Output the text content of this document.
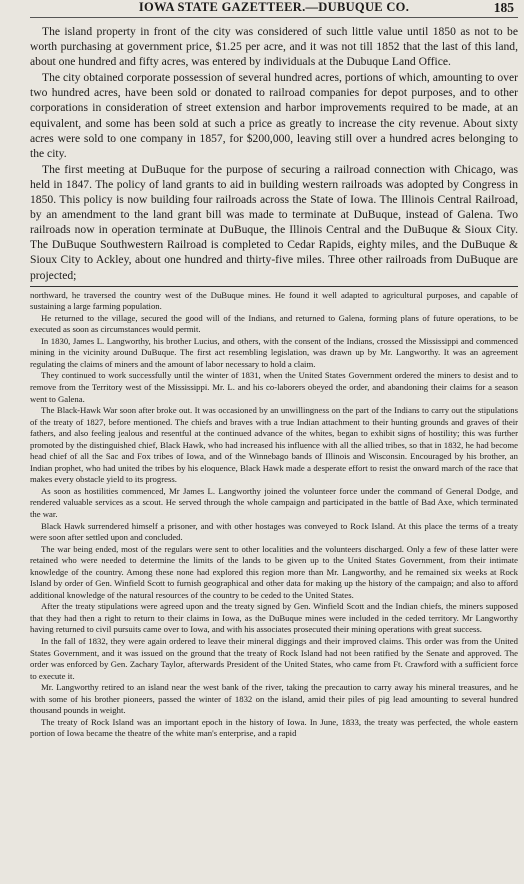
IOWA STATE GAZETTEER.—DUBUQUE CO.	185

The island property in front of the city was considered of such little value until 1850 as not to be worth purchasing at government price, $1.25 per acre, and it was not till 1852 that the last of this land, about one hundred and fifty acres, was entered by individuals at the Dubuque Land Office.

The city obtained corporate possession of several hundred acres, portions of which, amounting to over two hundred acres, have been sold or donated to railroad companies for depot purposes, and to other corporations in consideration of street extension and harbor improvements required to be made, at an equivalent, and some has been sold at such a price as greatly to increase the city revenue. About sixty acres were sold to one company in 1857, for $200,000, leaving still over a hundred acres belonging to the city.

The first meeting at DuBuque for the purpose of securing a railroad connection with Chicago, was held in 1847. The policy of land grants to aid in building western railroads was adopted by Congress in 1850. This policy is now building four railroads across the State of Iowa. The Illinois Central Railroad, by an amendment to the land grant bill was made to terminate at DuBuque, instead of Galena. Two railroads now in operation terminate at DuBuque, the Illinois Central and the DuBuque & Sioux City. The DuBuque Southwestern Railroad is completed to Cedar Rapids, eighty miles, and the DuBuque & Sioux City to Ackley, about one hundred and thirty-five miles. Three other railroads from DuBuque are projected;

northward, he traversed the country west of the DuBuque mines. He found it well adapted to agricultural purposes, and capable of sustaining a large farming population.

He returned to the village, secured the good will of the Indians, and returned to Galena, forming plans of future operations, to be executed as soon as circumstances would permit.

In 1830, James L. Langworthy, his brother Lucius, and others, with the consent of the Indians, crossed the Mississippi and commenced mining in the vicinity around DuBuque. The first act resembling legislation, was drawn up by Mr. Langworthy. It was an agreement regulating the claims of miners and the amount of labor necessary to hold a claim.

They continued to work successfully until the winter of 1831, when the United States Government ordered the miners to desist and to remove from the Territory west of the Mississippi. Mr. L. and his co-laborers obeyed the order, and abandoning their claims for a season went to Galena.

The Black-Hawk War soon after broke out. It was occasioned by an unwillingness on the part of the Indians to carry out the stipulations of the treaty of 1827, before mentioned. The chiefs and braves with a true Indian attachment to their hunting grounds and graves of their fathers, and also feeling jealous and resentful at the continued advance of the whites, began to exhibit signs of hostility; this was further promoted by the distinguished chief, Black Hawk, who had increased his influence with all the allied tribes, so that in 1832, he had become head chief of all the Sac and Fox tribes of Iowa, and of the Winnebago bands of Illinois and Wisconsin. Encouraged by his brother, an Indian prophet, who had united the tribes by his eloquence, Black Hawk made a desperate effort to resist the onward march of the race that makes every obstacle yield to its progress.

As soon as hostilities commenced, Mr James L. Langworthy joined the volunteer force under the command of General Dodge, and rendered valuable services as a scout. He served through the whole campaign and participated in the battle of Bad Axe, which terminated the war.

Black Hawk surrendered himself a prisoner, and with other hostages was conveyed to Rock Island. At this place the terms of a treaty were soon after settled upon and concluded.

The war being ended, most of the regulars were sent to other localities and the volunteers discharged. Only a few of these latter were retained who were needed to determine the limits of the lands to be given up to the United States Government, from their intimate knowledge of the country. Among these none had explored this region more than Mr. Langworthy, and he remained six weeks at Rock Island by order of Gen. Winfield Scott to furnish geographical and other data for making up the history of the campaign; and also to afford additional knowledge of the natural resources of the country to be ceded to the United States.

After the treaty stipulations were agreed upon and the treaty signed by Gen. Winfield Scott and the Indian chiefs, the miners supposed that they had then a right to return to their claims in Iowa, as the DuBuque mines were included in the ceded territory. Mr Langworthy having returned to civil pursuits came over to Iowa, and with his associates prosecuted their mining operations with great success.

In the fall of 1832, they were again ordered to leave their mineral diggings and their improved claims. This order was from the United States Government, and it was issued on the ground that the treaty of Rock Island had not been ratified by the Senate and approved. The order was enforced by Gen. Zachary Taylor, afterwards President of the United States, who came from Ft. Crawford with a sufficient force to execute it.

Mr. Langworthy retired to an island near the west bank of the river, taking the precaution to carry away his mineral treasures, and he with some of his brother pioneers, passed the winter of 1832 on the island, amid their piles of pig lead amounting to several hundred thousand pounds in weight.

The treaty of Rock Island was an important epoch in the history of Iowa. In June, 1833, the treaty was perfected, the whole eastern portion of Iowa became the theatre of the white man's enterprise, and a rapid
